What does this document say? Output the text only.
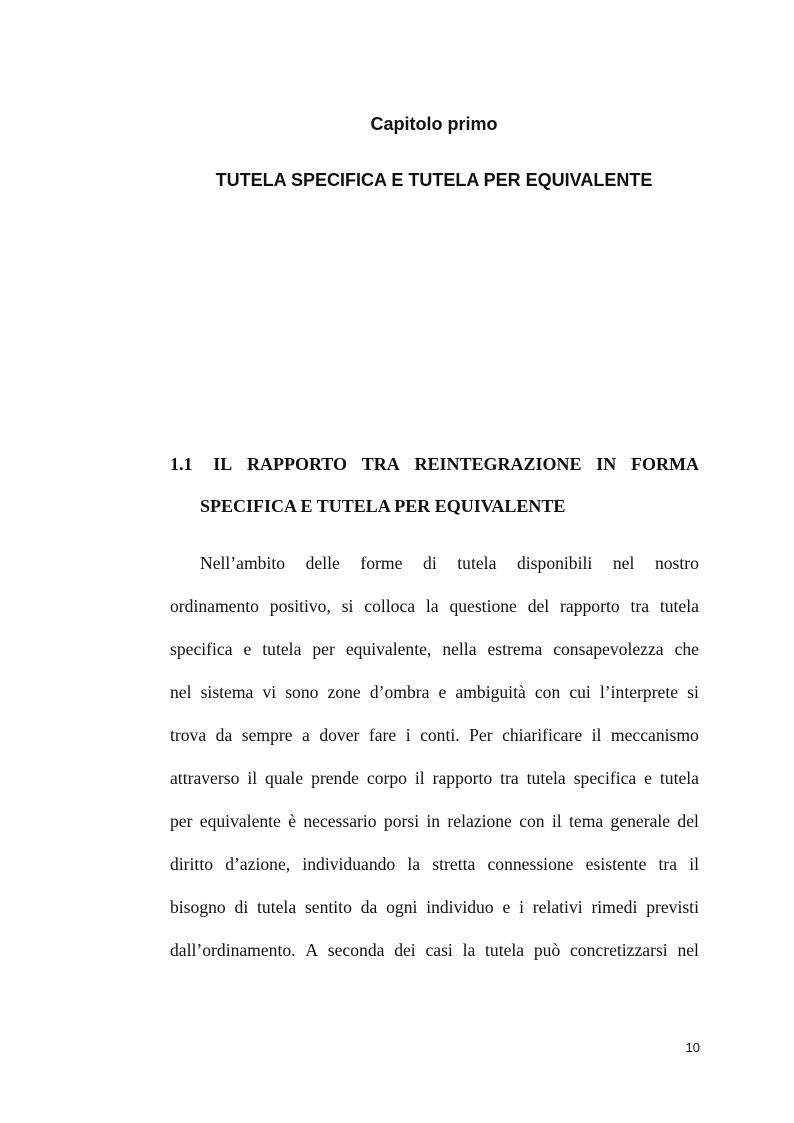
Capitolo primo
TUTELA SPECIFICA E TUTELA PER EQUIVALENTE
1.1 IL RAPPORTO TRA REINTEGRAZIONE IN FORMA
SPECIFICA E TUTELA PER EQUIVALENTE
Nell’ambito delle forme di tutela disponibili nel nostro
ordinamento positivo, si colloca la questione del rapporto tra tutela
specifica e tutela per equivalente, nella estrema consapevolezza che
nel sistema vi sono zone d’ombra e ambiguità con cui l’interprete si
trova da sempre a dover fare i conti. Per chiarificare il meccanismo
attraverso il quale prende corpo il rapporto tra tutela specifica e tutela
per equivalente è necessario porsi in relazione con il tema generale del
diritto d’azione, individuando la stretta connessione esistente tra il
bisogno di tutela sentito da ogni individuo e i relativi rimedi previsti
dall’ordinamento. A seconda dei casi la tutela può concretizzarsi nel
10
